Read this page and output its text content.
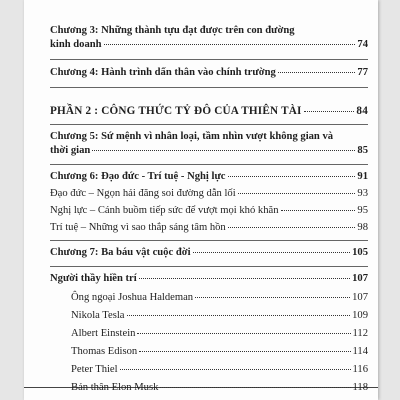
Chương 3: Những thành tựu đạt được trên con đường
kinh doanh	74
Chương 4: Hành trình dấn thân vào chính trường	77
PHẦN 2 : CÔNG THỨC TỶ ĐÔ CỦA THIÊN TÀI	84
Chương 5: Sứ mệnh vì nhân loại, tầm nhìn vượt không gian và
thời gian	85
Chương 6: Đạo đức - Trí tuệ - Nghị lực	91
Đạo đức – Ngọn hải đăng soi đường dẫn lối	93
Nghị lực – Cánh buồm tiếp sức để vượt mọi khó khăn	95
Trí tuệ – Những vì sao thắp sáng tâm hồn	98
Chương 7: Ba báu vật cuộc đời	105
Người thầy hiền trí	107
Ông ngoại Joshua Haldeman	107
Nikola Tesla	109
Albert Einstein	112
Thomas Edison	114
Peter Thiel	116
Bản thân Elon Musk	118
